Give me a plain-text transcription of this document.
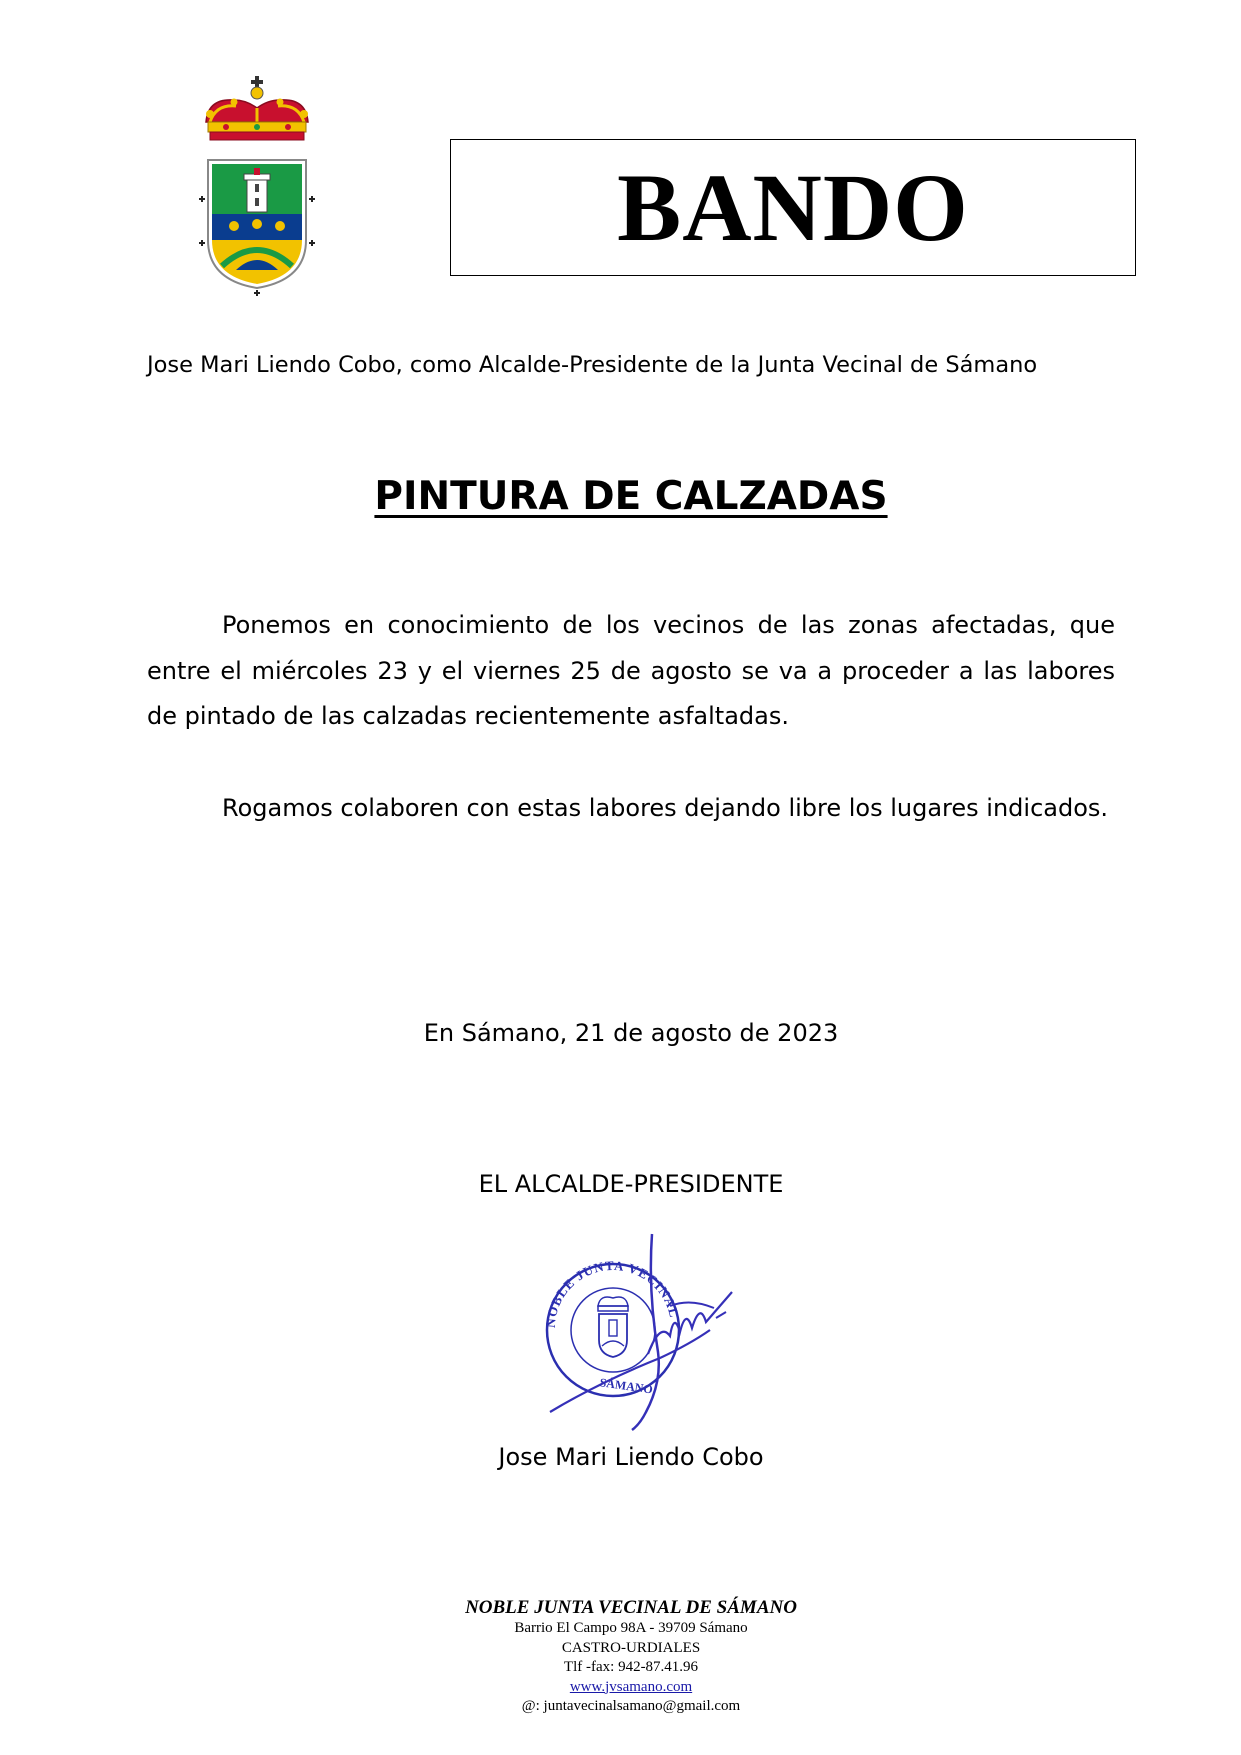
BANDO
Jose Mari Liendo Cobo, como Alcalde-Presidente de la Junta Vecinal de Sámano
PINTURA DE CALZADAS
Ponemos en conocimiento de los vecinos de las zonas afectadas, que entre el miércoles 23 y el viernes 25 de agosto se va a proceder a las labores de pintado de las calzadas recientemente asfaltadas.
Rogamos colaboren con estas labores dejando libre los lugares indicados.
En Sámano, 21 de agosto de 2023
EL ALCALDE-PRESIDENTE
NOBLE JUNTA VECINAL
SÁMANO
Jose Mari Liendo Cobo
NOBLE JUNTA VECINAL DE SÁMANO
Barrio El Campo 98A - 39709 Sámano
CASTRO-URDIALES
Tlf -fax: 942-87.41.96
www.jvsamano.com
@: juntavecinalsamano@gmail.com
